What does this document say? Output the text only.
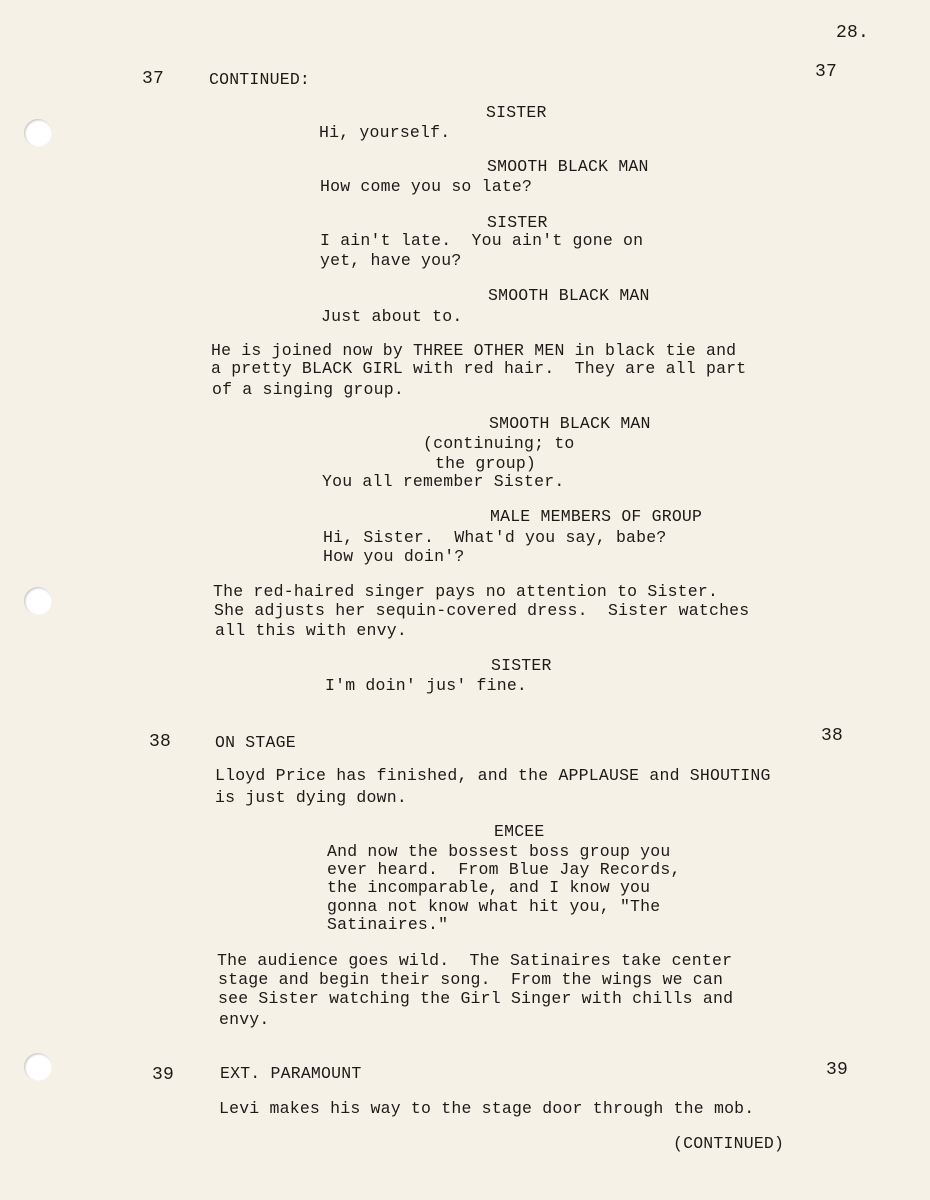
28.
37	CONTINUED:	37
SISTER
Hi, yourself.
SMOOTH BLACK MAN
How come you so late?
SISTER
I ain't late.  You ain't gone on
yet, have you?
SMOOTH BLACK MAN
Just about to.
He is joined now by THREE OTHER MEN in black tie and
a pretty BLACK GIRL with red hair.  They are all part
of a singing group.
SMOOTH BLACK MAN
(continuing; to
the group)
You all remember Sister.
MALE MEMBERS OF GROUP
Hi, Sister.  What'd you say, babe?
How you doin'?
The red-haired singer pays no attention to Sister.
She adjusts her sequin-covered dress.  Sister watches
all this with envy.
SISTER
I'm doin' jus' fine.
38	ON STAGE	38
Lloyd Price has finished, and the APPLAUSE and SHOUTING
is just dying down.
EMCEE
And now the bossest boss group you
ever heard.  From Blue Jay Records,
the incomparable, and I know you
gonna not know what hit you, "The
Satinaires."
The audience goes wild.  The Satinaires take center
stage and begin their song.  From the wings we can
see Sister watching the Girl Singer with chills and
envy.
39	EXT. PARAMOUNT	39
Levi makes his way to the stage door through the mob.
(CONTINUED)
